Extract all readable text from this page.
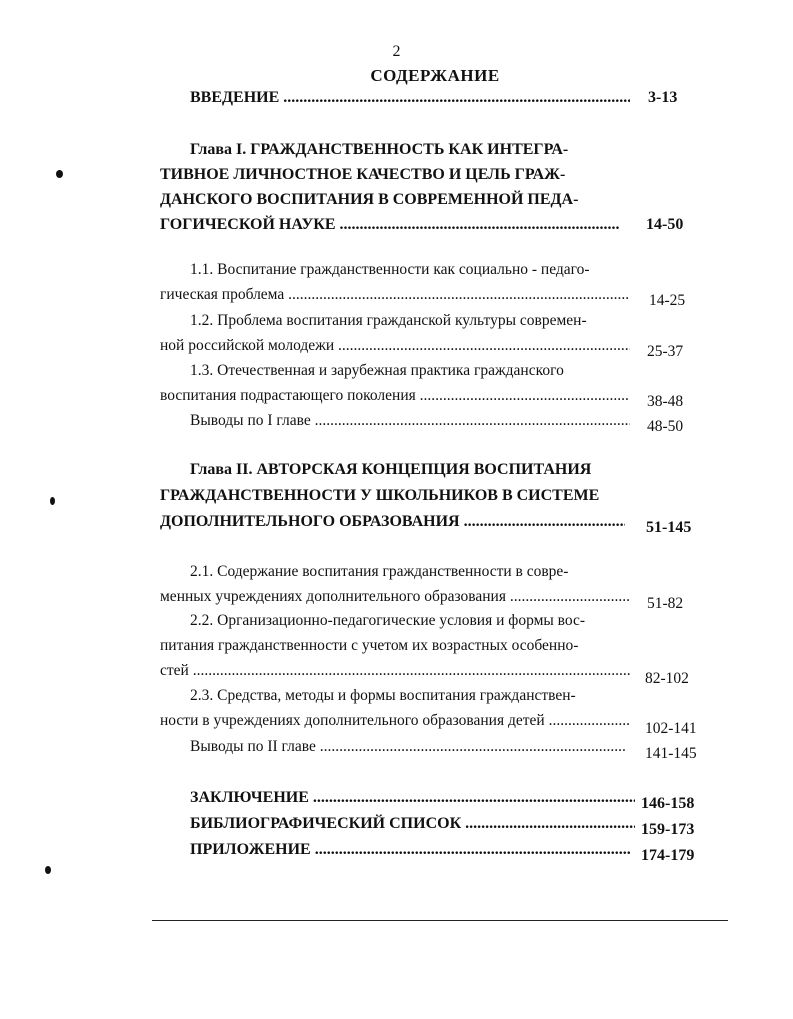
2
СОДЕРЖАНИЕ
ВВЕДЕНИЕ .....	3-13
Глава I. ГРАЖДАНСТВЕННОСТЬ КАК ИНТЕГРА-
ТИВНОЕ ЛИЧНОСТНОЕ КАЧЕСТВО И ЦЕЛЬ ГРАЖ-
ДАНСКОГО ВОСПИТАНИЯ В СОВРЕМЕННОЙ ПЕДА-
ГОГИЧЕСКОЙ НАУКЕ .....	14-50
1.1. Воспитание гражданственности как социально - педаго-
гическая проблема .....	14-25
1.2. Проблема воспитания гражданской культуры современ-
ной российской молодежи .....	25-37
1.3. Отечественная и зарубежная практика гражданского
воспитания подрастающего поколения .....	38-48
Выводы по I главе .....	48-50
Глава II. АВТОРСКАЯ КОНЦЕПЦИЯ ВОСПИТАНИЯ
ГРАЖДАНСТВЕННОСТИ У ШКОЛЬНИКОВ В СИСТЕМЕ
ДОПОЛНИТЕЛЬНОГО ОБРАЗОВАНИЯ .....	51-145
2.1. Содержание воспитания гражданственности в совре-
менных учреждениях дополнительного образования .....	51-82
2.2. Организационно-педагогические условия и формы вос-
питания гражданственности с учетом их возрастных особенно-
стей .....	82-102
2.3. Средства, методы и формы воспитания гражданствен-
ности в учреждениях дополнительного образования детей .....	102-141
Выводы по II главе .....	141-145
ЗАКЛЮЧЕНИЕ .....	146-158
БИБЛИОГРАФИЧЕСКИЙ СПИСОК .....	159-173
ПРИЛОЖЕНИЕ .....	174-179
